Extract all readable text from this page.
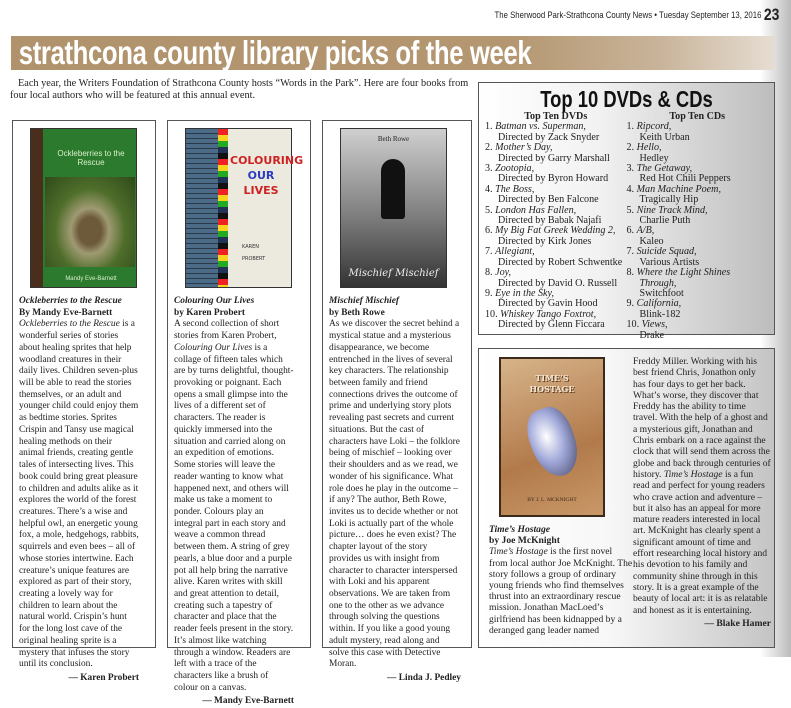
The Sherwood Park-Strathcona County News • Tuesday September 13, 2016 23
strathcona county library picks of the week

Each year, the Writers Foundation of Strathcona County hosts “Words in the Park”. Here are four books from four local authors who will be featured at this annual event.

Ockleberries to the Rescue
Mandy Eve-Barnett
Ockleberries to the Rescue
By Mandy Eve-Barnett
Ockleberries to the Rescue is a wonderful series of stories about healing sprites that help woodland creatures in their daily lives. Children seven-plus will be able to read the stories themselves, or an adult and younger child could enjoy them as bedtime stories. Sprites Crispin and Tansy use magical healing methods on their animal friends, creating gentle tales of intersecting lives. This book could bring great pleasure to children and adults alike as it explores the world of the forest creatures. There’s a wise and helpful owl, an energetic young fox, a mole, hedgehogs, rabbits, squirrels and even bees – all of whose stories intertwine. Each creature’s unique features are explored as part of their story, creating a lovely way for children to learn about the natural world. Crispin’s hunt for the long lost cave of the original healing sprite is a mystery that infuses the story until its conclusion.
— Karen Probert
COLOURING
OUR
LIVES
KAREN
PROBERT
Colouring Our Lives
by Karen Probert
A second collection of short stories from Karen Probert, Colouring Our Lives is a collage of fifteen tales which are by turns delightful, thought-provoking or poignant. Each opens a small glimpse into the lives of a different set of characters. The reader is quickly immersed into the situation and carried along on an expedition of emotions. Some stories will leave the reader wanting to know what happened next, and others will make us take a moment to ponder. Colours play an integral part in each story and weave a common thread between them. A string of grey pearls, a blue door and a purple pot all help bring the narrative alive. Karen writes with skill and great attention to detail, creating such a tapestry of character and place that the reader feels present in the story. It’s almost like watching through a window. Readers are left with a trace of the characters like a brush of colour on a canvas.
— Mandy Eve-Barnett
Beth Rowe
Mischief Mischief
Mischief Mischief
by Beth Rowe
As we discover the secret behind a mystical statue and a mysterious disappearance, we become entrenched in the lives of several key characters. The relationship between family and friend connections drives the outcome of prime and underlying story plots revealing past secrets and current situations. But the cast of characters have Loki – the folklore being of mischief – looking over their shoulders and as we read, we wonder of his significance. What role does he play in the outcome – if any? The author, Beth Rowe, invites us to decide whether or not Loki is actually part of the whole picture… does he even exist? The chapter layout of the story provides us with insight from character to character interspersed with Loki and his apparent observations. We are taken from one to the other as we advance through solving the questions within. If you like a good young adult mystery, read along and solve this case with Detective Moran.
— Linda J. Pedley
Top 10 DVDs & CDs
Top Ten DVDs
1. Batman vs. Superman,
Directed by Zack Snyder
2. Mother’s Day,
Directed by Garry Marshall
3. Zootopia,
Directed by Byron Howard
4. The Boss,
Directed by Ben Falcone
5. London Has Fallen,
Directed by Babak Najafi
6. My Big Fat Greek Wedding 2,
Directed by Kirk Jones
7. Allegiant,
Directed by Robert Schwentke
8. Joy,
Directed by David O. Russell
9. Eye in the Sky,
Directed by Gavin Hood
10. Whiskey Tango Foxtrot,
Directed by Glenn Ficcara
Top Ten CDs
1. Ripcord,
Keith Urban
2. Hello,
Hedley
3. The Getaway,
Red Hot Chili Peppers
4. Man Machine Poem,
Tragically Hip
5. Nine Track Mind,
Charlie Puth
6. A/B,
Kaleo
7. Suicide Squad,
Various Artists
8. Where the Light Shines Through,
Switchfoot
9. California,
Blink-182
10. Views,
Drake
TIME’S
HOSTAGE
BY J. L. MCKNIGHT
Time’s Hostage
by Joe McKnight
Time’s Hostage is the first novel from local author Joe McKnight. The story follows a group of ordinary young friends who find themselves thrust into an extraordinary rescue mission. Jonathan MacLoed’s girlfriend has been kidnapped by a deranged gang leader named
Freddy Miller. Working with his best friend Chris, Jonathon only has four days to get her back. What’s worse, they discover that Freddy has the ability to time travel. With the help of a ghost and a mysterious gift, Jonathan and Chris embark on a race against the clock that will send them across the globe and back through centuries of history. Time’s Hostage is a fun read and perfect for young readers who crave action and adventure – but it also has an appeal for more mature readers interested in local art. McKnight has clearly spent a significant amount of time and effort researching local history and his devotion to his family and community shine through in this story. It is a great example of the beauty of local art: it is as relatable and honest as it is entertaining.
— Blake Hamer
